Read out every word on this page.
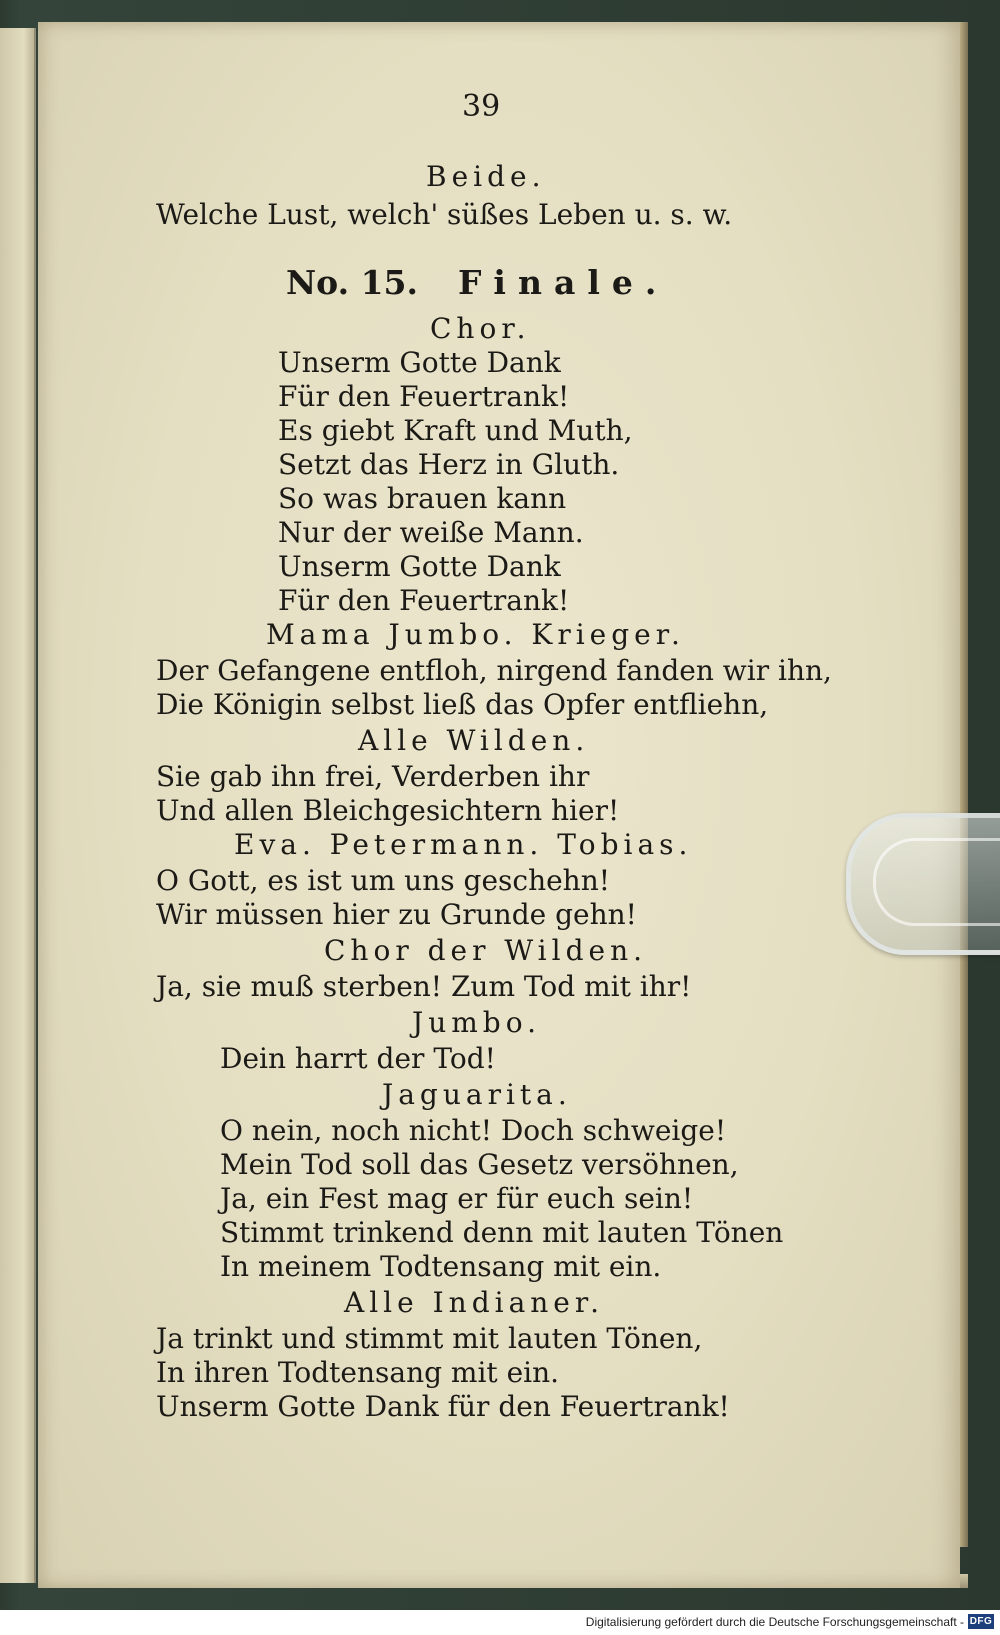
39
Beide.
Welche Lust, welch' süßes Leben u. s. w.
No. 15. Finale.
Chor.
Unserm Gotte Dank
Für den Feuertrank!
Es giebt Kraft und Muth,
Setzt das Herz in Gluth.
So was brauen kann
Nur der weiße Mann.
Unserm Gotte Dank
Für den Feuertrank!
Mama Jumbo. Krieger.
Der Gefangene entfloh, nirgend fanden wir ihn,
Die Königin selbst ließ das Opfer entfliehn,
Alle Wilden.
Sie gab ihn frei, Verderben ihr
Und allen Bleichgesichtern hier!
Eva. Petermann. Tobias.
O Gott, es ist um uns geschehn!
Wir müssen hier zu Grunde gehn!
Chor der Wilden.
Ja, sie muß sterben! Zum Tod mit ihr!
Jumbo.
Dein harrt der Tod!
Jaguarita.
O nein, noch nicht! Doch schweige!
Mein Tod soll das Gesetz versöhnen,
Ja, ein Fest mag er für euch sein!
Stimmt trinkend denn mit lauten Tönen
In meinem Todtensang mit ein.
Alle Indianer.
Ja trinkt und stimmt mit lauten Tönen,
In ihren Todtensang mit ein.
Unserm Gotte Dank für den Feuertrank!
Digitalisierung gefördert durch die Deutsche Forschungsgemeinschaft - DFG
